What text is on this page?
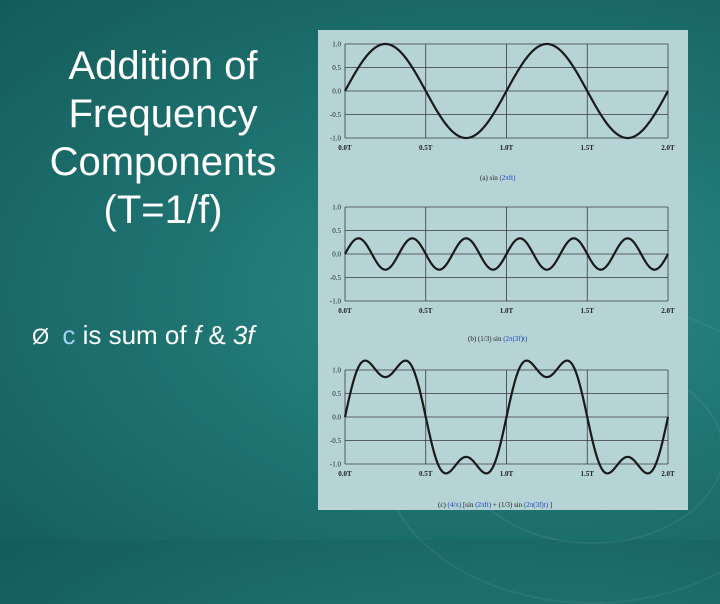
Addition of
Frequency
Components
(T=1/f)
Ø c is sum of f & 3f
1.0
0.5
0.0
-0.5
-1.0
0.0T	0.5T	1.0T	1.5T	2.0T
1.0
0.5
0.0
-0.5
-1.0
0.0T	0.5T	1.0T	1.5T	2.0T
1.0
0.5
0.0
-0.5
-1.0
0.0T	0.5T	1.0T	1.5T	2.0T
(a) sin (2πft)
(b) (1/3) sin (2π(3f)t)
(c) (4/π) [sin (2πft) + (1/3) sin (2π(3f)t) ]
